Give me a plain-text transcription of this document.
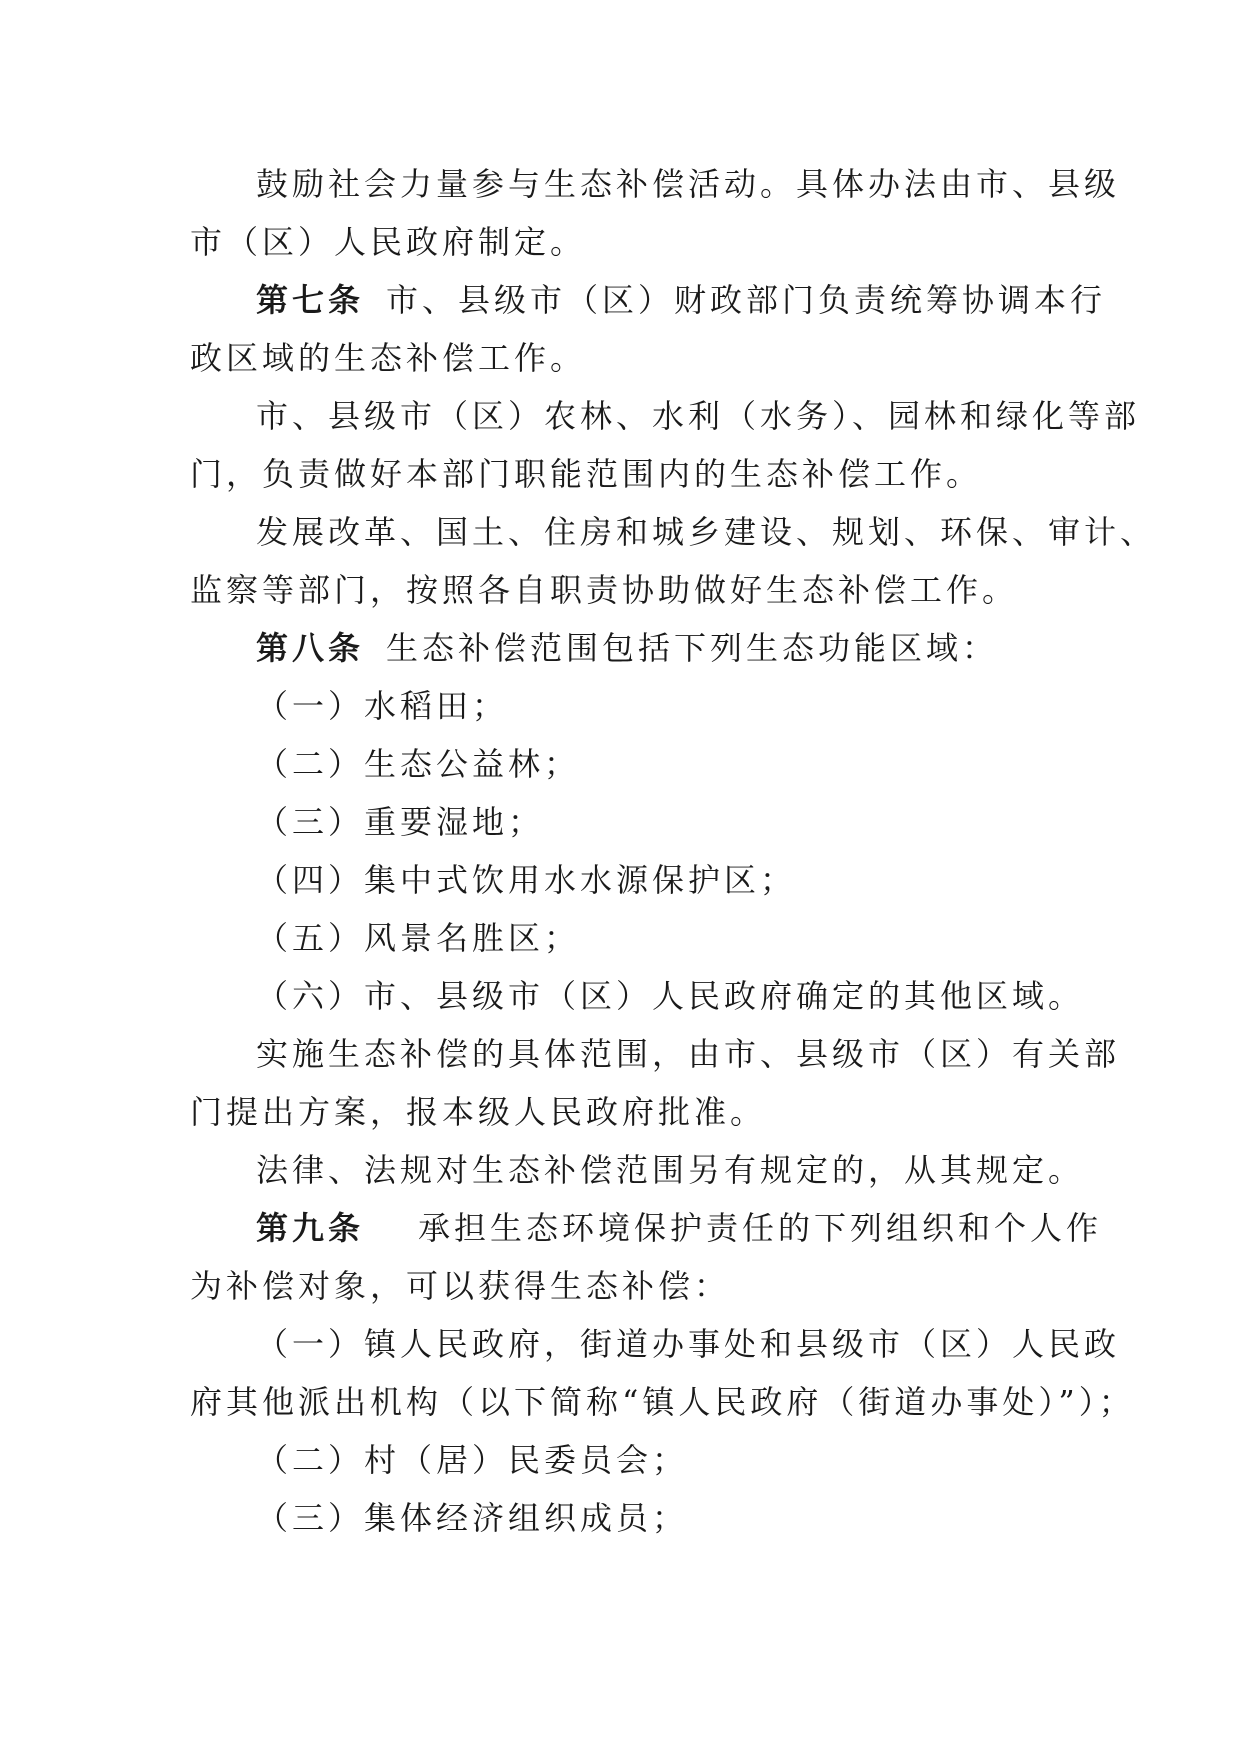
鼓励社会力量参与生态补偿活动。具体办法由市、县级
市（区）人民政府制定。
第七条 市、县级市（区）财政部门负责统筹协调本行
政区域的生态补偿工作。
市、县级市（区）农林、水利（水务）、园林和绿化等部
门，负责做好本部门职能范围内的生态补偿工作。
发展改革、国土、住房和城乡建设、规划、环保、审计、
监察等部门，按照各自职责协助做好生态补偿工作。
第八条 生态补偿范围包括下列生态功能区域：
（一）水稻田；
（二）生态公益林；
（三）重要湿地；
（四）集中式饮用水水源保护区；
（五）风景名胜区；
（六）市、县级市（区）人民政府确定的其他区域。
实施生态补偿的具体范围，由市、县级市（区）有关部
门提出方案，报本级人民政府批准。
法律、法规对生态补偿范围另有规定的，从其规定。
第九条 承担生态环境保护责任的下列组织和个人作
为补偿对象，可以获得生态补偿：
（一）镇人民政府，街道办事处和县级市（区）人民政
府其他派出机构（以下简称“镇人民政府（街道办事处）”）；
（二）村（居）民委员会；
（三）集体经济组织成员；
